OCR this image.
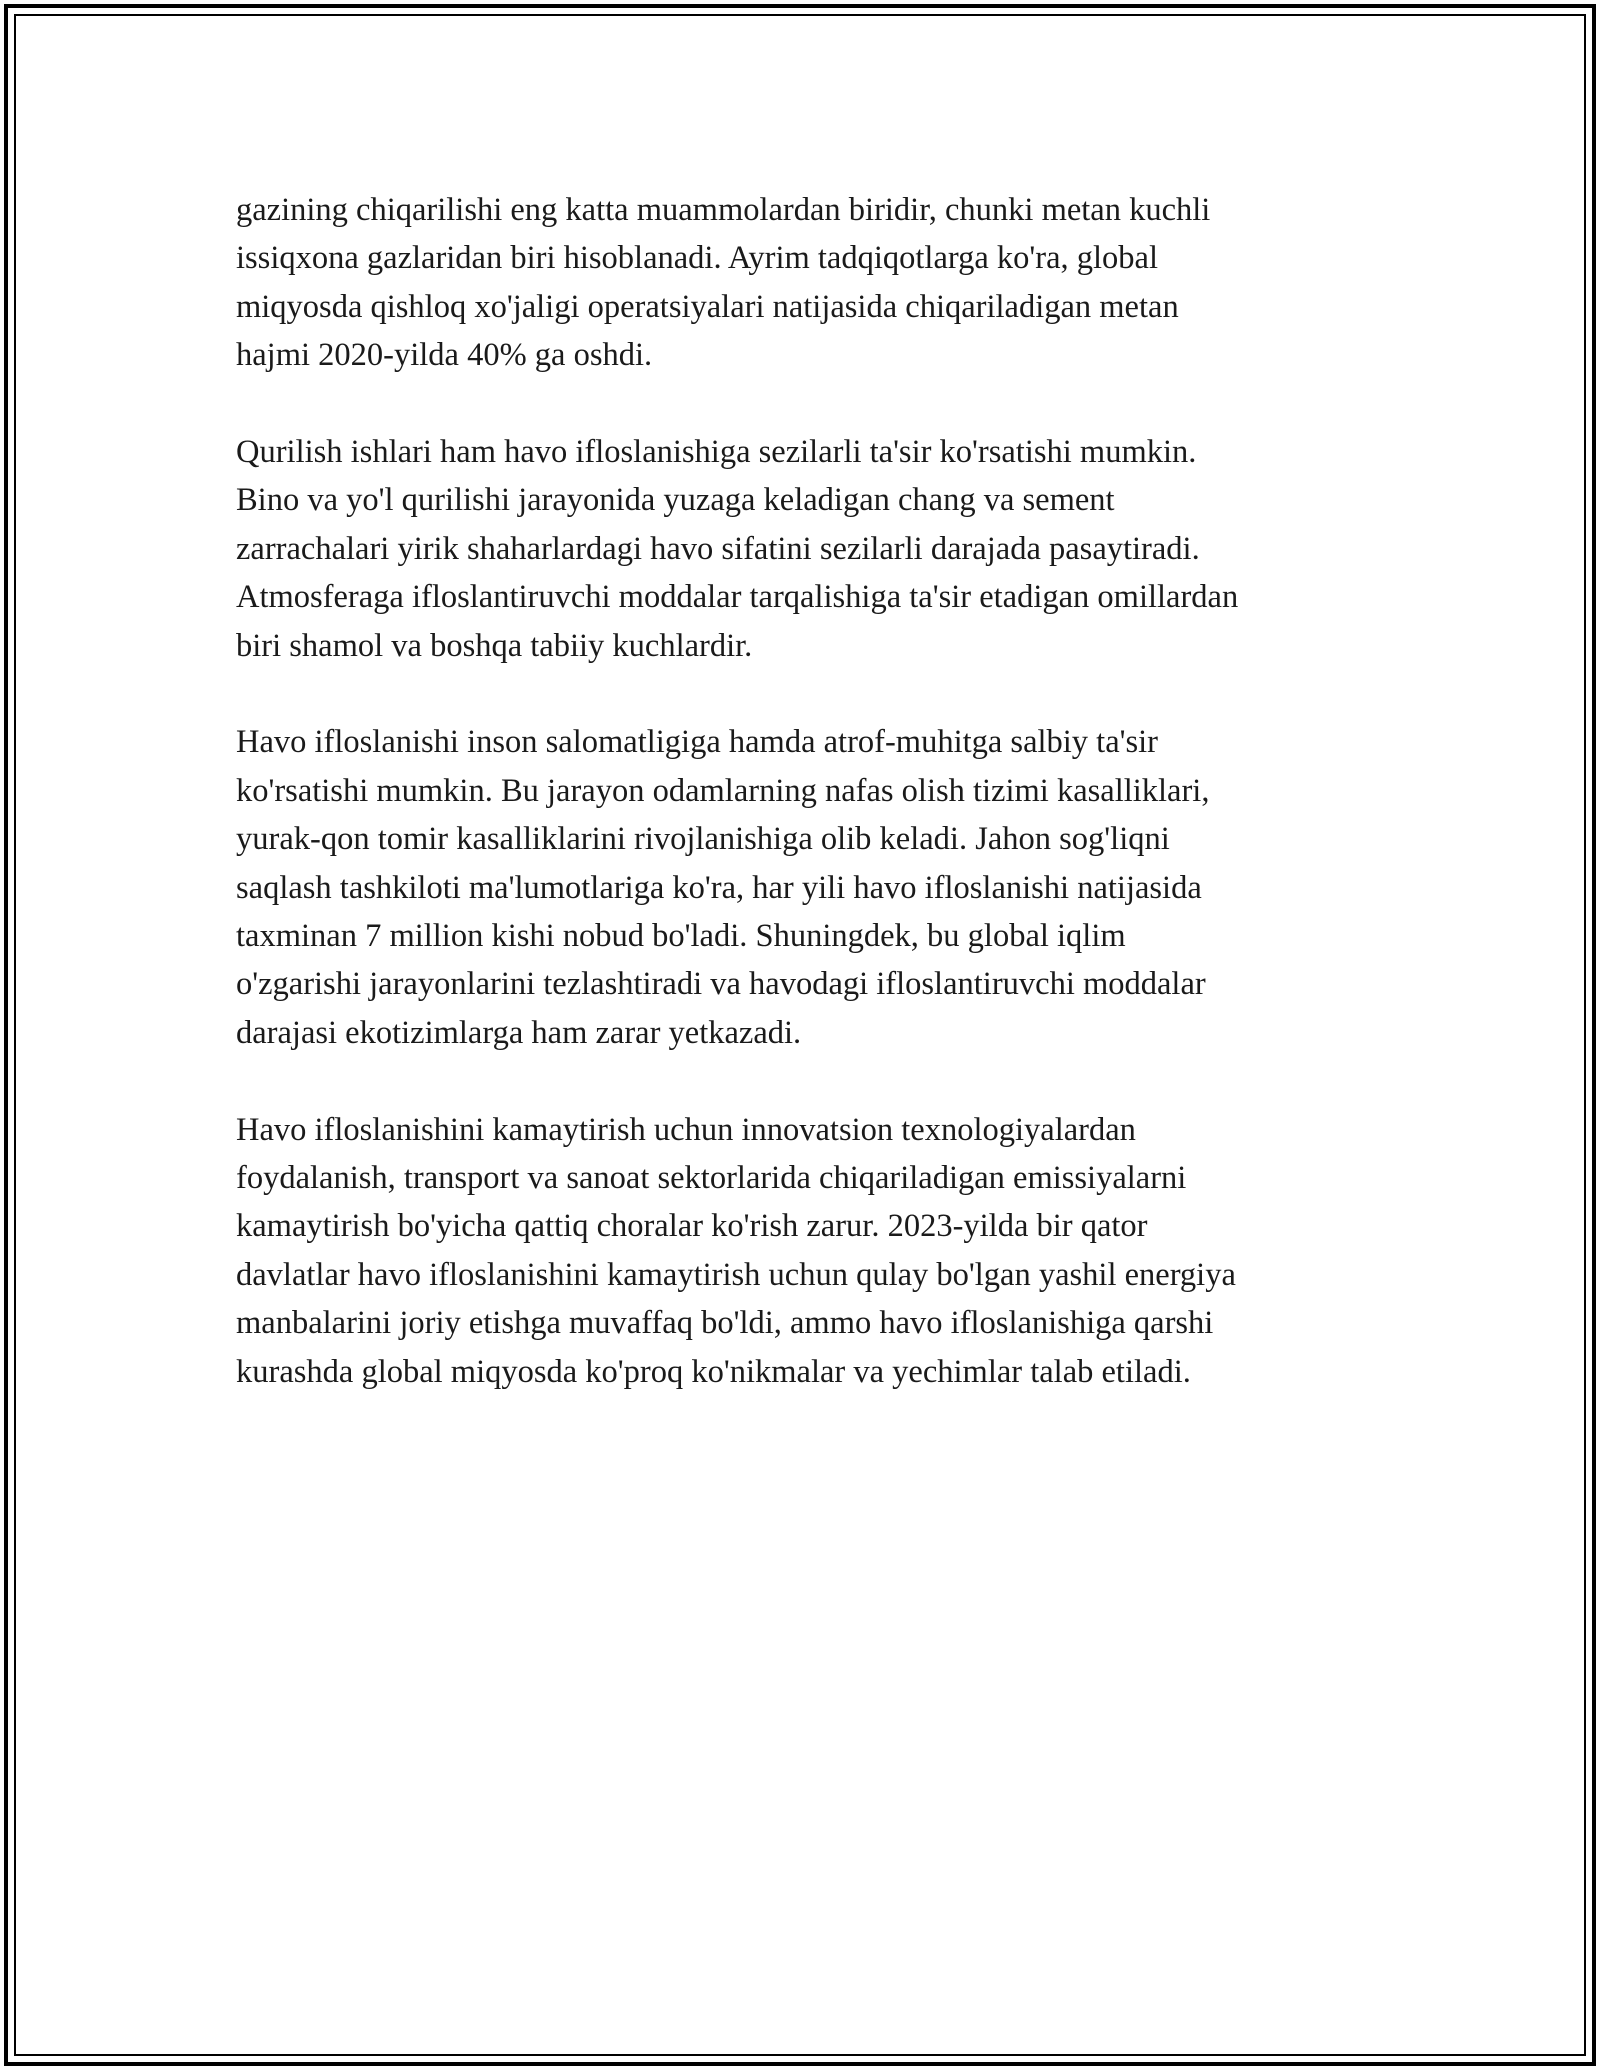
gazining chiqarilishi eng katta muammolardan biridir, chunki metan kuchli
issiqxona gazlaridan biri hisoblanadi. Ayrim tadqiqotlarga ko'ra, global
miqyosda qishloq xo'jaligi operatsiyalari natijasida chiqariladigan metan
hajmi 2020-yilda 40% ga oshdi.

Qurilish ishlari ham havo ifloslanishiga sezilarli ta'sir ko'rsatishi mumkin.
Bino va yo'l qurilishi jarayonida yuzaga keladigan chang va sement
zarrachalari yirik shaharlardagi havo sifatini sezilarli darajada pasaytiradi.
Atmosferaga ifloslantiruvchi moddalar tarqalishiga ta'sir etadigan omillardan
biri shamol va boshqa tabiiy kuchlardir.

Havo ifloslanishi inson salomatligiga hamda atrof-muhitga salbiy ta'sir
ko'rsatishi mumkin. Bu jarayon odamlarning nafas olish tizimi kasalliklari,
yurak-qon tomir kasalliklarini rivojlanishiga olib keladi. Jahon sog'liqni
saqlash tashkiloti ma'lumotlariga ko'ra, har yili havo ifloslanishi natijasida
taxminan 7 million kishi nobud bo'ladi. Shuningdek, bu global iqlim
o'zgarishi jarayonlarini tezlashtiradi va havodagi ifloslantiruvchi moddalar
darajasi ekotizimlarga ham zarar yetkazadi.

Havo ifloslanishini kamaytirish uchun innovatsion texnologiyalardan
foydalanish, transport va sanoat sektorlarida chiqariladigan emissiyalarni
kamaytirish bo'yicha qattiq choralar ko'rish zarur. 2023-yilda bir qator
davlatlar havo ifloslanishini kamaytirish uchun qulay bo'lgan yashil energiya
manbalarini joriy etishga muvaffaq bo'ldi, ammo havo ifloslanishiga qarshi
kurashda global miqyosda ko'proq ko'nikmalar va yechimlar talab etiladi.
